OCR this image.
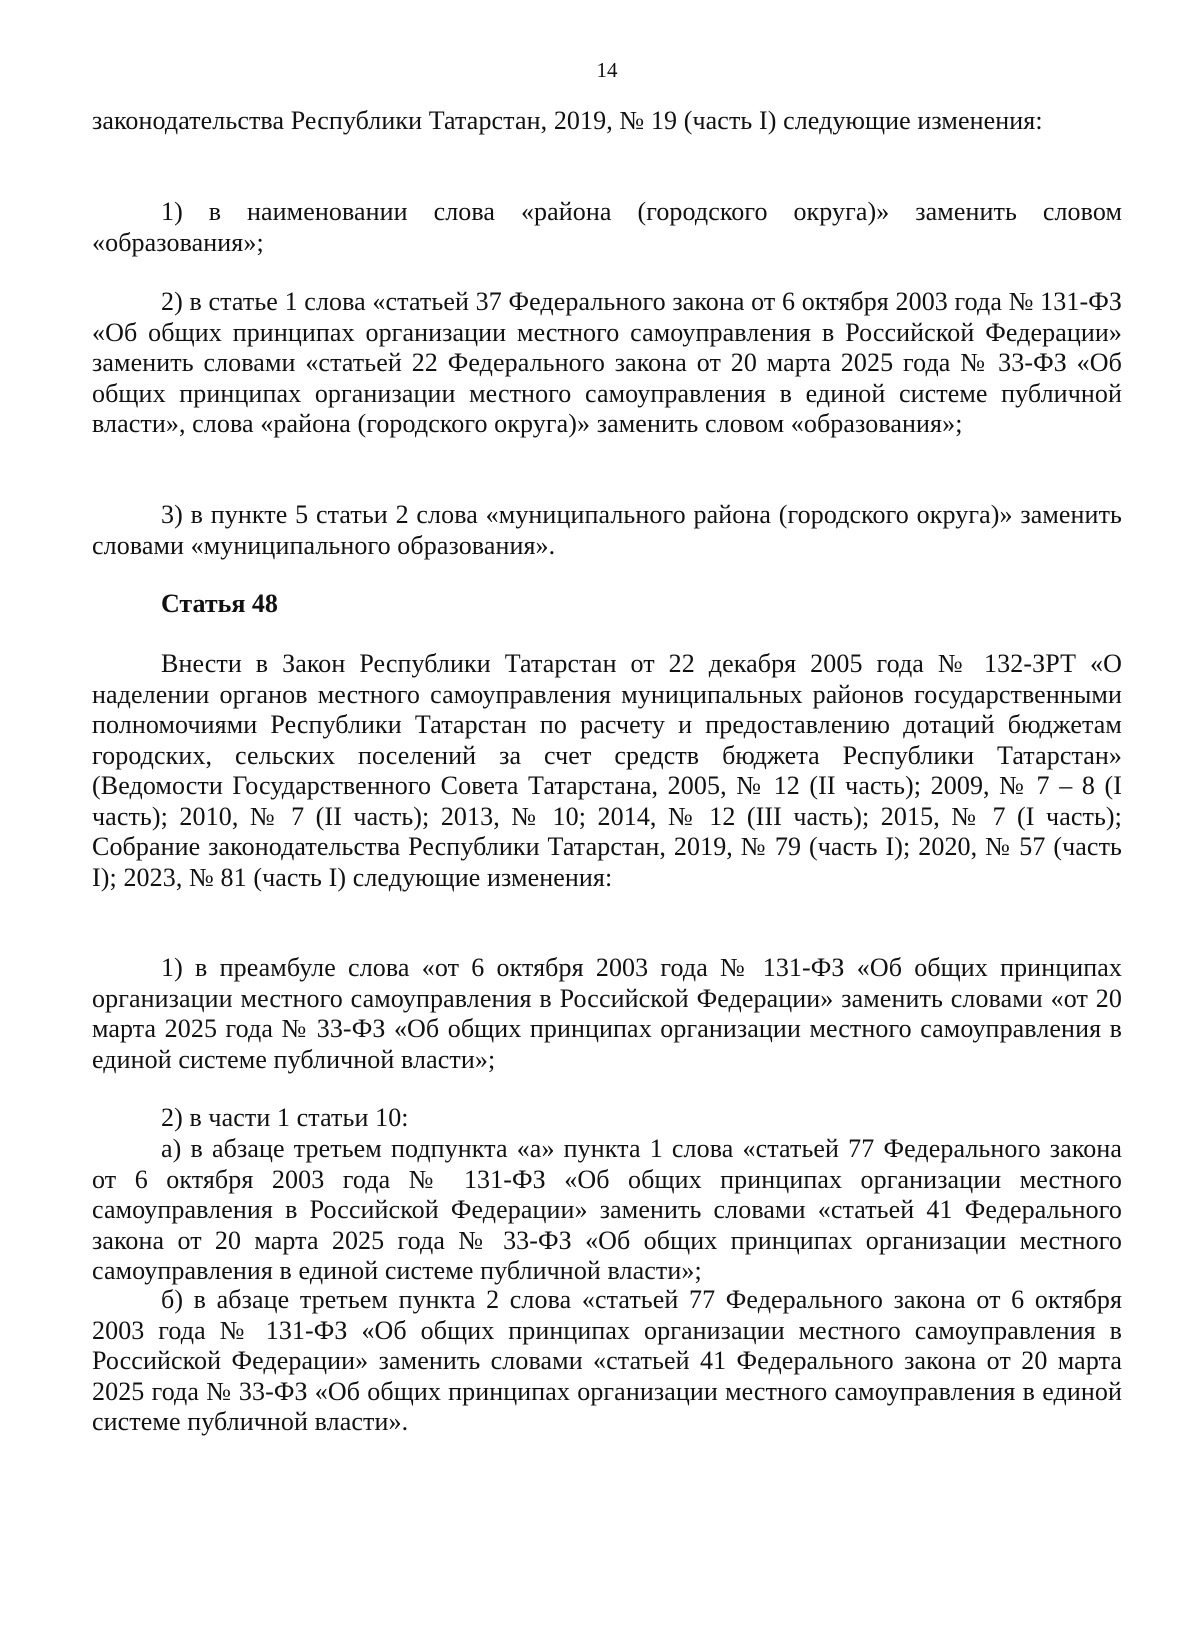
14

законодательства Республики Татарстан, 2019, № 19 (часть I) следующие изменения:

1) в наименовании слова «района (городского округа)» заменить словом «образования»;

2) в статье 1 слова «статьей 37 Федерального закона от 6 октября 2003 года № 131-ФЗ «Об общих принципах организации местного самоуправления в Российской Федерации» заменить словами «статьей 22 Федерального закона от 20 марта 2025 года № 33-ФЗ «Об общих принципах организации местного самоуправления в единой системе публичной власти», слова «района (городского округа)» заменить словом «образования»;

3) в пункте 5 статьи 2 слова «муниципального района (городского округа)» заменить словами «муниципального образования».

Статья 48

Внести в Закон Республики Татарстан от 22 декабря 2005 года № 132-ЗРТ «О наделении органов местного самоуправления муниципальных районов государственными полномочиями Республики Татарстан по расчету и предоставлению дотаций бюджетам городских, сельских поселений за счет средств бюджета Республики Татарстан» (Ведомости Государственного Совета Татарстана, 2005, № 12 (II часть); 2009, № 7 – 8 (I часть); 2010, № 7 (II часть); 2013, № 10; 2014, № 12 (III часть); 2015, № 7 (I часть); Собрание законодательства Республики Татарстан, 2019, № 79 (часть I); 2020, № 57 (часть I); 2023, № 81 (часть I) следующие изменения:

1) в преамбуле слова «от 6 октября 2003 года № 131-ФЗ «Об общих принципах организации местного самоуправления в Российской Федерации» заменить словами «от 20 марта 2025 года № 33-ФЗ «Об общих принципах организации местного самоуправления в единой системе публичной власти»;

2) в части 1 статьи 10:

а) в абзаце третьем подпункта «а» пункта 1 слова «статьей 77 Федерального закона от 6 октября 2003 года № 131-ФЗ «Об общих принципах организации местного самоуправления в Российской Федерации» заменить словами «статьей 41 Федерального закона от 20 марта 2025 года № 33-ФЗ «Об общих принципах организации местного самоуправления в единой системе публичной власти»;

б) в абзаце третьем пункта 2 слова «статьей 77 Федерального закона от 6 октября 2003 года № 131-ФЗ «Об общих принципах организации местного самоуправления в Российской Федерации» заменить словами «статьей 41 Федерального закона от 20 марта 2025 года № 33-ФЗ «Об общих принципах организации местного самоуправления в единой системе публичной власти».
